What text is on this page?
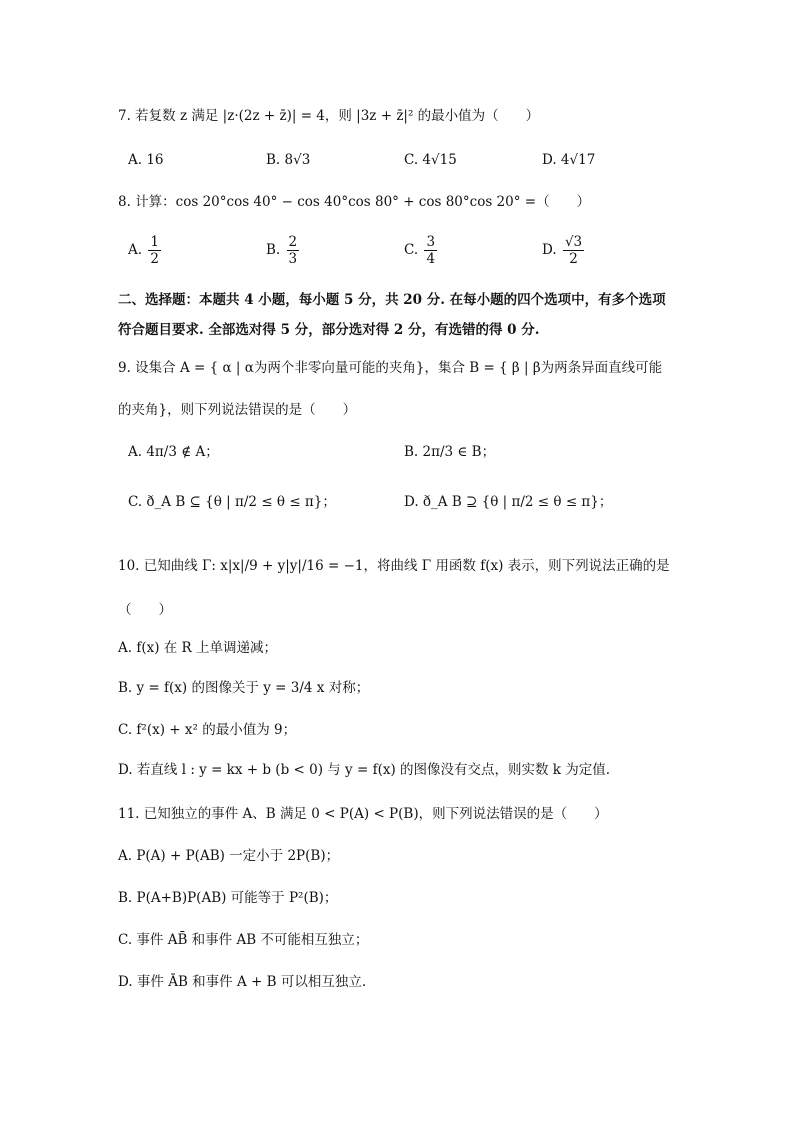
7. 若复数 z 满足 |z·(2z + z̄)| = 4，则 |3z + z̄|² 的最小值为（　　）
A. 16	B. 8√3	C. 4√15	D. 4√17
8. 计算：cos 20°cos 40° − cos 40°cos 80° + cos 80°cos 20° =（　　）
A. $\frac{1}{2}$	B. $\frac{2}{3}$	C. $\frac{3}{4}$	D. $\frac{√3}{2}$
二、选择题：本题共 4 小题，每小题 5 分，共 20 分. 在每小题的四个选项中，有多个选项
符合题目要求. 全部选对得 5 分，部分选对得 2 分，有选错的得 0 分.
9. 设集合 A = { α | α为两个非零向量可能的夹角}，集合 B = { β | β为两条异面直线可能
的夹角}，则下列说法错误的是（　　）
A. 4π/3 ∉ A；	B. 2π/3 ∈ B；
C. ð_A B ⊆ {θ | π/2 ≤ θ ≤ π}；	D. ð_A B ⊇ {θ | π/2 ≤ θ ≤ π}；
10. 已知曲线 Γ: x|x|/9 + y|y|/16 = −1，将曲线 Γ 用函数 f(x) 表示，则下列说法正确的是
（　　）
A. f(x) 在 R 上单调递减；
B. y = f(x) 的图像关于 y = 3/4 x 对称；
C. f²(x) + x² 的最小值为 9；
D. 若直线 l : y = kx + b (b < 0) 与 y = f(x) 的图像没有交点，则实数 k 为定值.
11. 已知独立的事件 A、B 满足 0 < P(A) < P(B)，则下列说法错误的是（　　）
A. P(A) + P(AB) 一定小于 2P(B)；
B. P(A+B)P(AB) 可能等于 P²(B)；
C. 事件 AB̄ 和事件 AB 不可能相互独立；
D. 事件 ĀB 和事件 A + B 可以相互独立.
